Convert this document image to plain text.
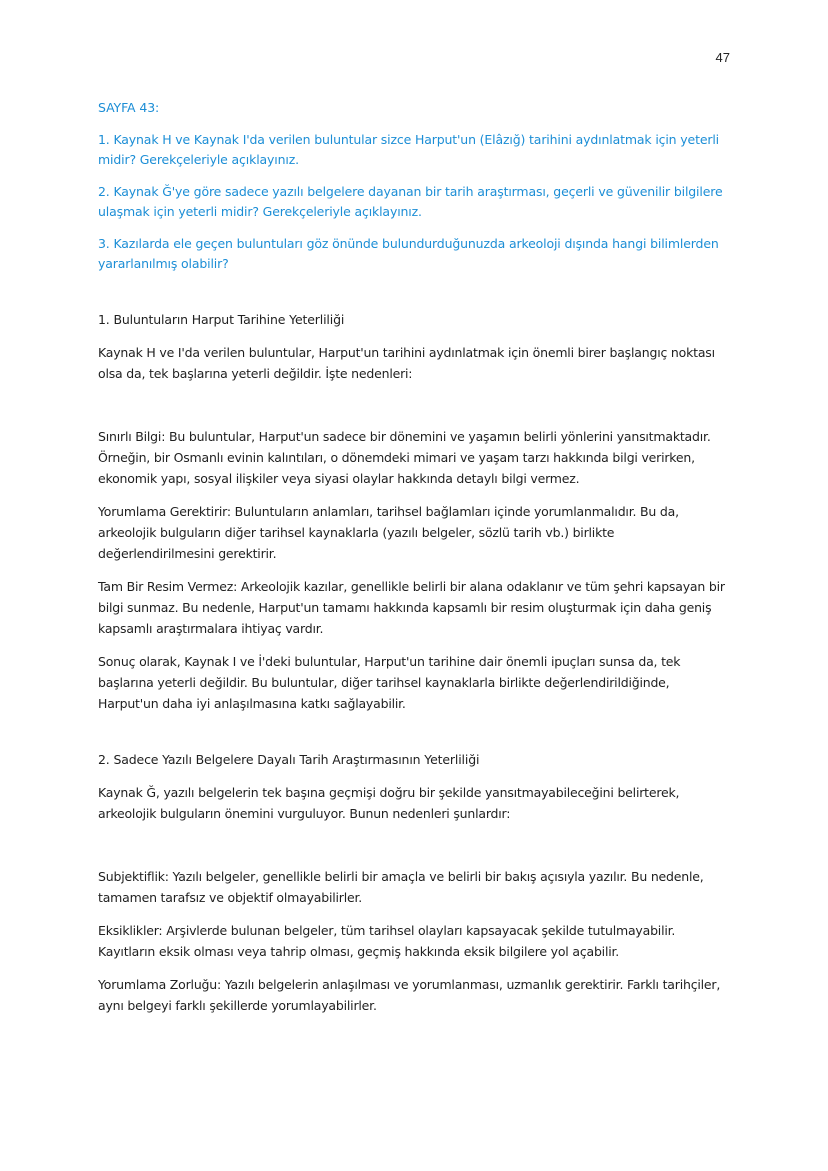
47

SAYFA 43:

1. Kaynak H ve Kaynak I'da verilen buluntular sizce Harput'un (Elâzığ) tarihini aydınlatmak için yeterli midir? Gerekçeleriyle açıklayınız.

2. Kaynak Ğ'ye göre sadece yazılı belgelere dayanan bir tarih araştırması, geçerli ve güvenilir bilgilere ulaşmak için yeterli midir? Gerekçeleriyle açıklayınız.

3. Kazılarda ele geçen buluntuları göz önünde bulundurduğunuzda arkeoloji dışında hangi bilimlerden yararlanılmış olabilir?

1. Buluntuların Harput Tarihine Yeterliliği

Kaynak H ve I'da verilen buluntular, Harput'un tarihini aydınlatmak için önemli birer başlangıç noktası olsa da, tek başlarına yeterli değildir. İşte nedenleri:

Sınırlı Bilgi: Bu buluntular, Harput'un sadece bir dönemini ve yaşamın belirli yönlerini yansıtmaktadır. Örneğin, bir Osmanlı evinin kalıntıları, o dönemdeki mimari ve yaşam tarzı hakkında bilgi verirken, ekonomik yapı, sosyal ilişkiler veya siyasi olaylar hakkında detaylı bilgi vermez.

Yorumlama Gerektirir: Buluntuların anlamları, tarihsel bağlamları içinde yorumlanmalıdır. Bu da, arkeolojik bulguların diğer tarihsel kaynaklarla (yazılı belgeler, sözlü tarih vb.) birlikte değerlendirilmesini gerektirir.

Tam Bir Resim Vermez: Arkeolojik kazılar, genellikle belirli bir alana odaklanır ve tüm şehri kapsayan bir bilgi sunmaz. Bu nedenle, Harput'un tamamı hakkında kapsamlı bir resim oluşturmak için daha geniş kapsamlı araştırmalara ihtiyaç vardır.

Sonuç olarak, Kaynak I ve İ'deki buluntular, Harput'un tarihine dair önemli ipuçları sunsa da, tek başlarına yeterli değildir. Bu buluntular, diğer tarihsel kaynaklarla birlikte değerlendirildiğinde, Harput'un daha iyi anlaşılmasına katkı sağlayabilir.

2. Sadece Yazılı Belgelere Dayalı Tarih Araştırmasının Yeterliliği

Kaynak Ğ, yazılı belgelerin tek başına geçmişi doğru bir şekilde yansıtmayabileceğini belirterek, arkeolojik bulguların önemini vurguluyor. Bunun nedenleri şunlardır:

Subjektiflik: Yazılı belgeler, genellikle belirli bir amaçla ve belirli bir bakış açısıyla yazılır. Bu nedenle, tamamen tarafsız ve objektif olmayabilirler.

Eksiklikler: Arşivlerde bulunan belgeler, tüm tarihsel olayları kapsayacak şekilde tutulmayabilir. Kayıtların eksik olması veya tahrip olması, geçmiş hakkında eksik bilgilere yol açabilir.

Yorumlama Zorluğu: Yazılı belgelerin anlaşılması ve yorumlanması, uzmanlık gerektirir. Farklı tarihçiler, aynı belgeyi farklı şekillerde yorumlayabilirler.
